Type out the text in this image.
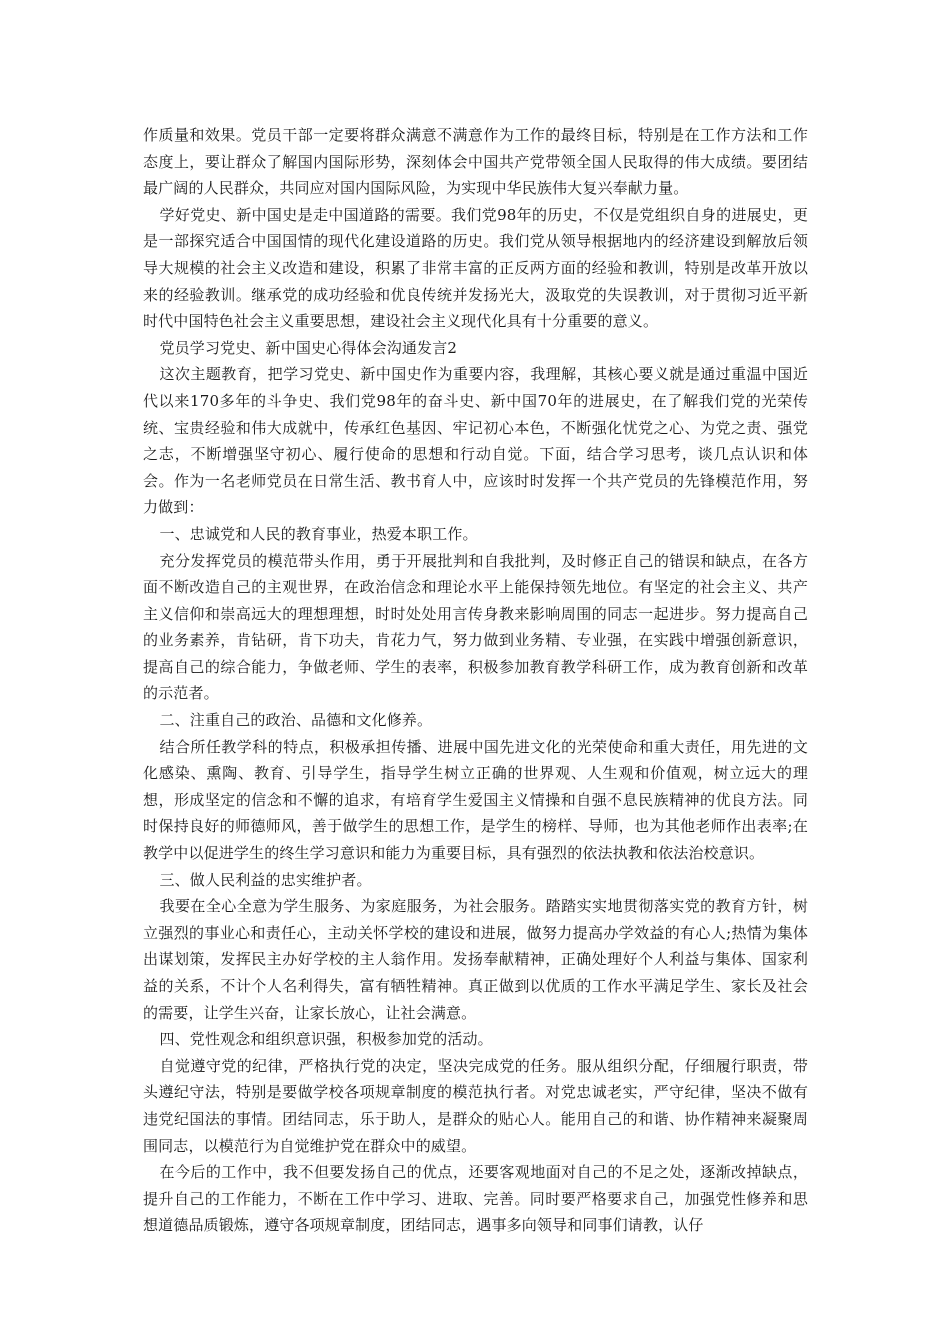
作质量和效果。党员干部一定要将群众满意不满意作为工作的最终目标，特别是在工作方法和工作态度上，要让群众了解国内国际形势，深刻体会中国共产党带领全国人民取得的伟大成绩。要团结最广阔的人民群众，共同应对国内国际风险，为实现中华民族伟大复兴奉献力量。

学好党史、新中国史是走中国道路的需要。我们党98年的历史，不仅是党组织自身的进展史，更是一部探究适合中国国情的现代化建设道路的历史。我们党从领导根据地内的经济建设到解放后领导大规模的社会主义改造和建设，积累了非常丰富的正反两方面的经验和教训，特别是改革开放以来的经验教训。继承党的成功经验和优良传统并发扬光大，汲取党的失误教训，对于贯彻习近平新时代中国特色社会主义重要思想，建设社会主义现代化具有十分重要的意义。

党员学习党史、新中国史心得体会沟通发言2

这次主题教育，把学习党史、新中国史作为重要内容，我理解，其核心要义就是通过重温中国近代以来170多年的斗争史、我们党98年的奋斗史、新中国70年的进展史，在了解我们党的光荣传统、宝贵经验和伟大成就中，传承红色基因、牢记初心本色，不断强化忧党之心、为党之责、强党之志，不断增强坚守初心、履行使命的思想和行动自觉。下面，结合学习思考，谈几点认识和体会。作为一名老师党员在日常生活、教书育人中，应该时时发挥一个共产党员的先锋模范作用，努力做到：

一、忠诚党和人民的教育事业，热爱本职工作。

充分发挥党员的模范带头作用，勇于开展批判和自我批判，及时修正自己的错误和缺点，在各方面不断改造自己的主观世界，在政治信念和理论水平上能保持领先地位。有坚定的社会主义、共产主义信仰和崇高远大的理想理想，时时处处用言传身教来影响周围的同志一起进步。努力提高自己的业务素养，肯钻研，肯下功夫，肯花力气，努力做到业务精、专业强，在实践中增强创新意识，提高自己的综合能力，争做老师、学生的表率，积极参加教育教学科研工作，成为教育创新和改革的示范者。

二、注重自己的政治、品德和文化修养。

结合所任教学科的特点，积极承担传播、进展中国先进文化的光荣使命和重大责任，用先进的文化感染、熏陶、教育、引导学生，指导学生树立正确的世界观、人生观和价值观，树立远大的理想，形成坚定的信念和不懈的追求，有培育学生爱国主义情操和自强不息民族精神的优良方法。同时保持良好的师德师风，善于做学生的思想工作，是学生的榜样、导师，也为其他老师作出表率;在教学中以促进学生的终生学习意识和能力为重要目标，具有强烈的依法执教和依法治校意识。

三、做人民利益的忠实维护者。

我要在全心全意为学生服务、为家庭服务，为社会服务。踏踏实实地贯彻落实党的教育方针，树立强烈的事业心和责任心，主动关怀学校的建设和进展，做努力提高办学效益的有心人;热情为集体出谋划策，发挥民主办好学校的主人翁作用。发扬奉献精神，正确处理好个人利益与集体、国家利益的关系，不计个人名利得失，富有牺牲精神。真正做到以优质的工作水平满足学生、家长及社会的需要，让学生兴奋，让家长放心，让社会满意。

四、党性观念和组织意识强，积极参加党的活动。

自觉遵守党的纪律，严格执行党的决定，坚决完成党的任务。服从组织分配，仔细履行职责，带头遵纪守法，特别是要做学校各项规章制度的模范执行者。对党忠诚老实，严守纪律，坚决不做有违党纪国法的事情。团结同志，乐于助人，是群众的贴心人。能用自己的和谐、协作精神来凝聚周围同志，以模范行为自觉维护党在群众中的威望。

在今后的工作中，我不但要发扬自己的优点，还要客观地面对自己的不足之处，逐渐改掉缺点，提升自己的工作能力，不断在工作中学习、进取、完善。同时要严格要求自己，加强党性修养和思想道德品质锻炼，遵守各项规章制度，团结同志，遇事多向领导和同事们请教，认仔
